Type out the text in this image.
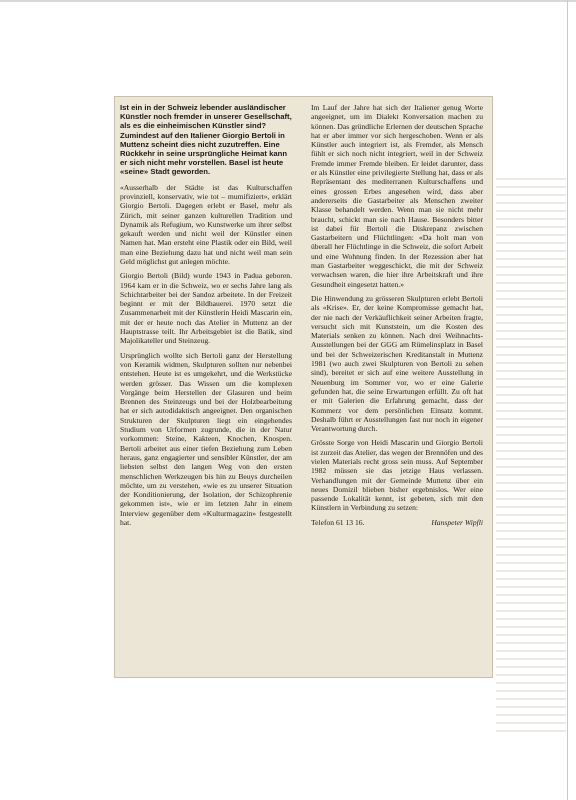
Ist ein in der Schweiz lebender ausländischer Künstler noch fremder in unserer Gesellschaft, als es die einheimischen Künstler sind? Zumindest auf den Italiener Giorgio Bertoli in Muttenz scheint dies nicht zuzutreffen. Eine Rückkehr in seine ursprüngliche Heimat kann er sich nicht mehr vorstellen. Basel ist heute «seine» Stadt geworden.

«Ausserhalb der Städte ist das Kulturschaffen provinziell, konservativ, wie tot – mumifiziert», erklärt Giorgio Bertoli. Dagegen erlebt er Basel, mehr als Zürich, mit seiner ganzen kulturellen Tradition und Dynamik als Refugium, wo Kunstwerke um ihrer selbst gekauft werden und nicht weil der Künstler einen Namen hat. Man ersteht eine Plastik oder ein Bild, weil man eine Beziehung dazu hat und nicht weil man sein Geld möglichst gut anlegen möchte.

Giorgio Bertoli (Bild) wurde 1943 in Padua geboren. 1964 kam er in die Schweiz, wo er sechs Jahre lang als Schichtarbeiter bei der Sandoz arbeitete. In der Freizeit beginnt er mit der Bildhauerei. 1970 setzt die Zusammenarbeit mit der Künstlerin Heidi Mascarin ein, mit der er heute noch das Atelier in Muttenz an der Hauptstrasse teilt. Ihr Arbeitsgebiet ist die Batik, sind Majolikateller und Steinzeug.

Ursprünglich wollte sich Bertoli ganz der Herstellung von Keramik widmen, Skulpturen sollten nur nebenbei entstehen. Heute ist es umgekehrt, und die Werkstücke werden grösser. Das Wissen um die komplexen Vorgänge beim Herstellen der Glasuren und beim Brennen des Steinzeugs und bei der Holzbearbeitung hat er sich autodidaktisch angeeignet. Den organischen Strukturen der Skulpturen liegt ein eingehendes Studium von Urformen zugrunde, die in der Natur vorkommen: Steine, Kakteen, Knochen, Knospen. Bertoli arbeitet aus einer tiefen Beziehung zum Leben heraus, ganz engagierter und sensibler Künstler, der am liebsten selbst den langen Weg von den ersten menschlichen Werkzeugen bis hin zu Beuys durcheilen möchte, um zu verstehen, «wie es zu unserer Situation der Konditionierung, der Isolation, der Schizophrenie gekommen ist», wie er im letzten Jahr in einem Interview gegenüber dem «Kulturmagazin» festgestellt hat.

Im Lauf der Jahre hat sich der Italiener genug Worte angeeignet, um im Dialekt Konversation machen zu können. Das gründliche Erlernen der deutschen Sprache hat er aber immer vor sich hergeschoben. Wenn er als Künstler auch integriert ist, als Fremder, als Mensch fühlt er sich noch nicht integriert, weil in der Schweiz Fremde immer Fremde bleiben. Er leidet darunter, dass er als Künstler eine privilegierte Stellung hat, dass er als Repräsentant des mediterranen Kulturschaffens und eines grossen Erbes angesehen wird, dass aber andererseits die Gastarbeiter als Menschen zweiter Klasse behandelt werden. Wenn man sie nicht mehr braucht, schickt man sie nach Hause. Besonders bitter ist dabei für Bertoli die Diskrepanz zwischen Gastarbeitern und Flüchtlingen: «Da holt man von überall her Flüchtlinge in die Schweiz, die sofort Arbeit und eine Wohnung finden. In der Rezession aber hat man Gastarbeiter weggeschickt, die mit der Schweiz verwachsen waren, die hier ihre Arbeitskraft und ihre Gesundheit eingesetzt hatten.»

Die Hinwendung zu grösseren Skulpturen erlebt Bertoli als «Krise». Er, der keine Kompromisse gemacht hat, der nie nach der Verkäuflichkeit seiner Arbeiten fragte, versucht sich mit Kunststein, um die Kosten des Materials senken zu können. Nach drei Weihnachts-Ausstellungen bei der GGG am Rümelinsplatz in Basel und bei der Schweizerischen Kreditanstalt in Muttenz 1981 (wo auch zwei Skulpturen von Bertoli zu sehen sind), bereitet er sich auf eine weitere Ausstellung in Neuenburg im Sommer vor, wo er eine Galerie gefunden hat, die seine Erwartungen erfüllt. Zu oft hat er mit Galerien die Erfahrung gemacht, dass der Kommerz vor dem persönlichen Einsatz kommt. Deshalb führt er Ausstellungen fast nur noch in eigener Verantwortung durch.

Grösste Sorge von Heidi Mascarin und Giorgio Bertoli ist zurzeit das Atelier, das wegen der Brennöfen und des vielen Materials recht gross sein muss. Auf September 1982 müssen sie das jetzige Haus verlassen. Verhandlungen mit der Gemeinde Muttenz über ein neues Domizil blieben bisher ergebnislos. Wer eine passende Lokalität kennt, ist gebeten, sich mit den Künstlern in Verbindung zu setzen:

Telefon 61 13 16.	Hanspeter Wipfli
